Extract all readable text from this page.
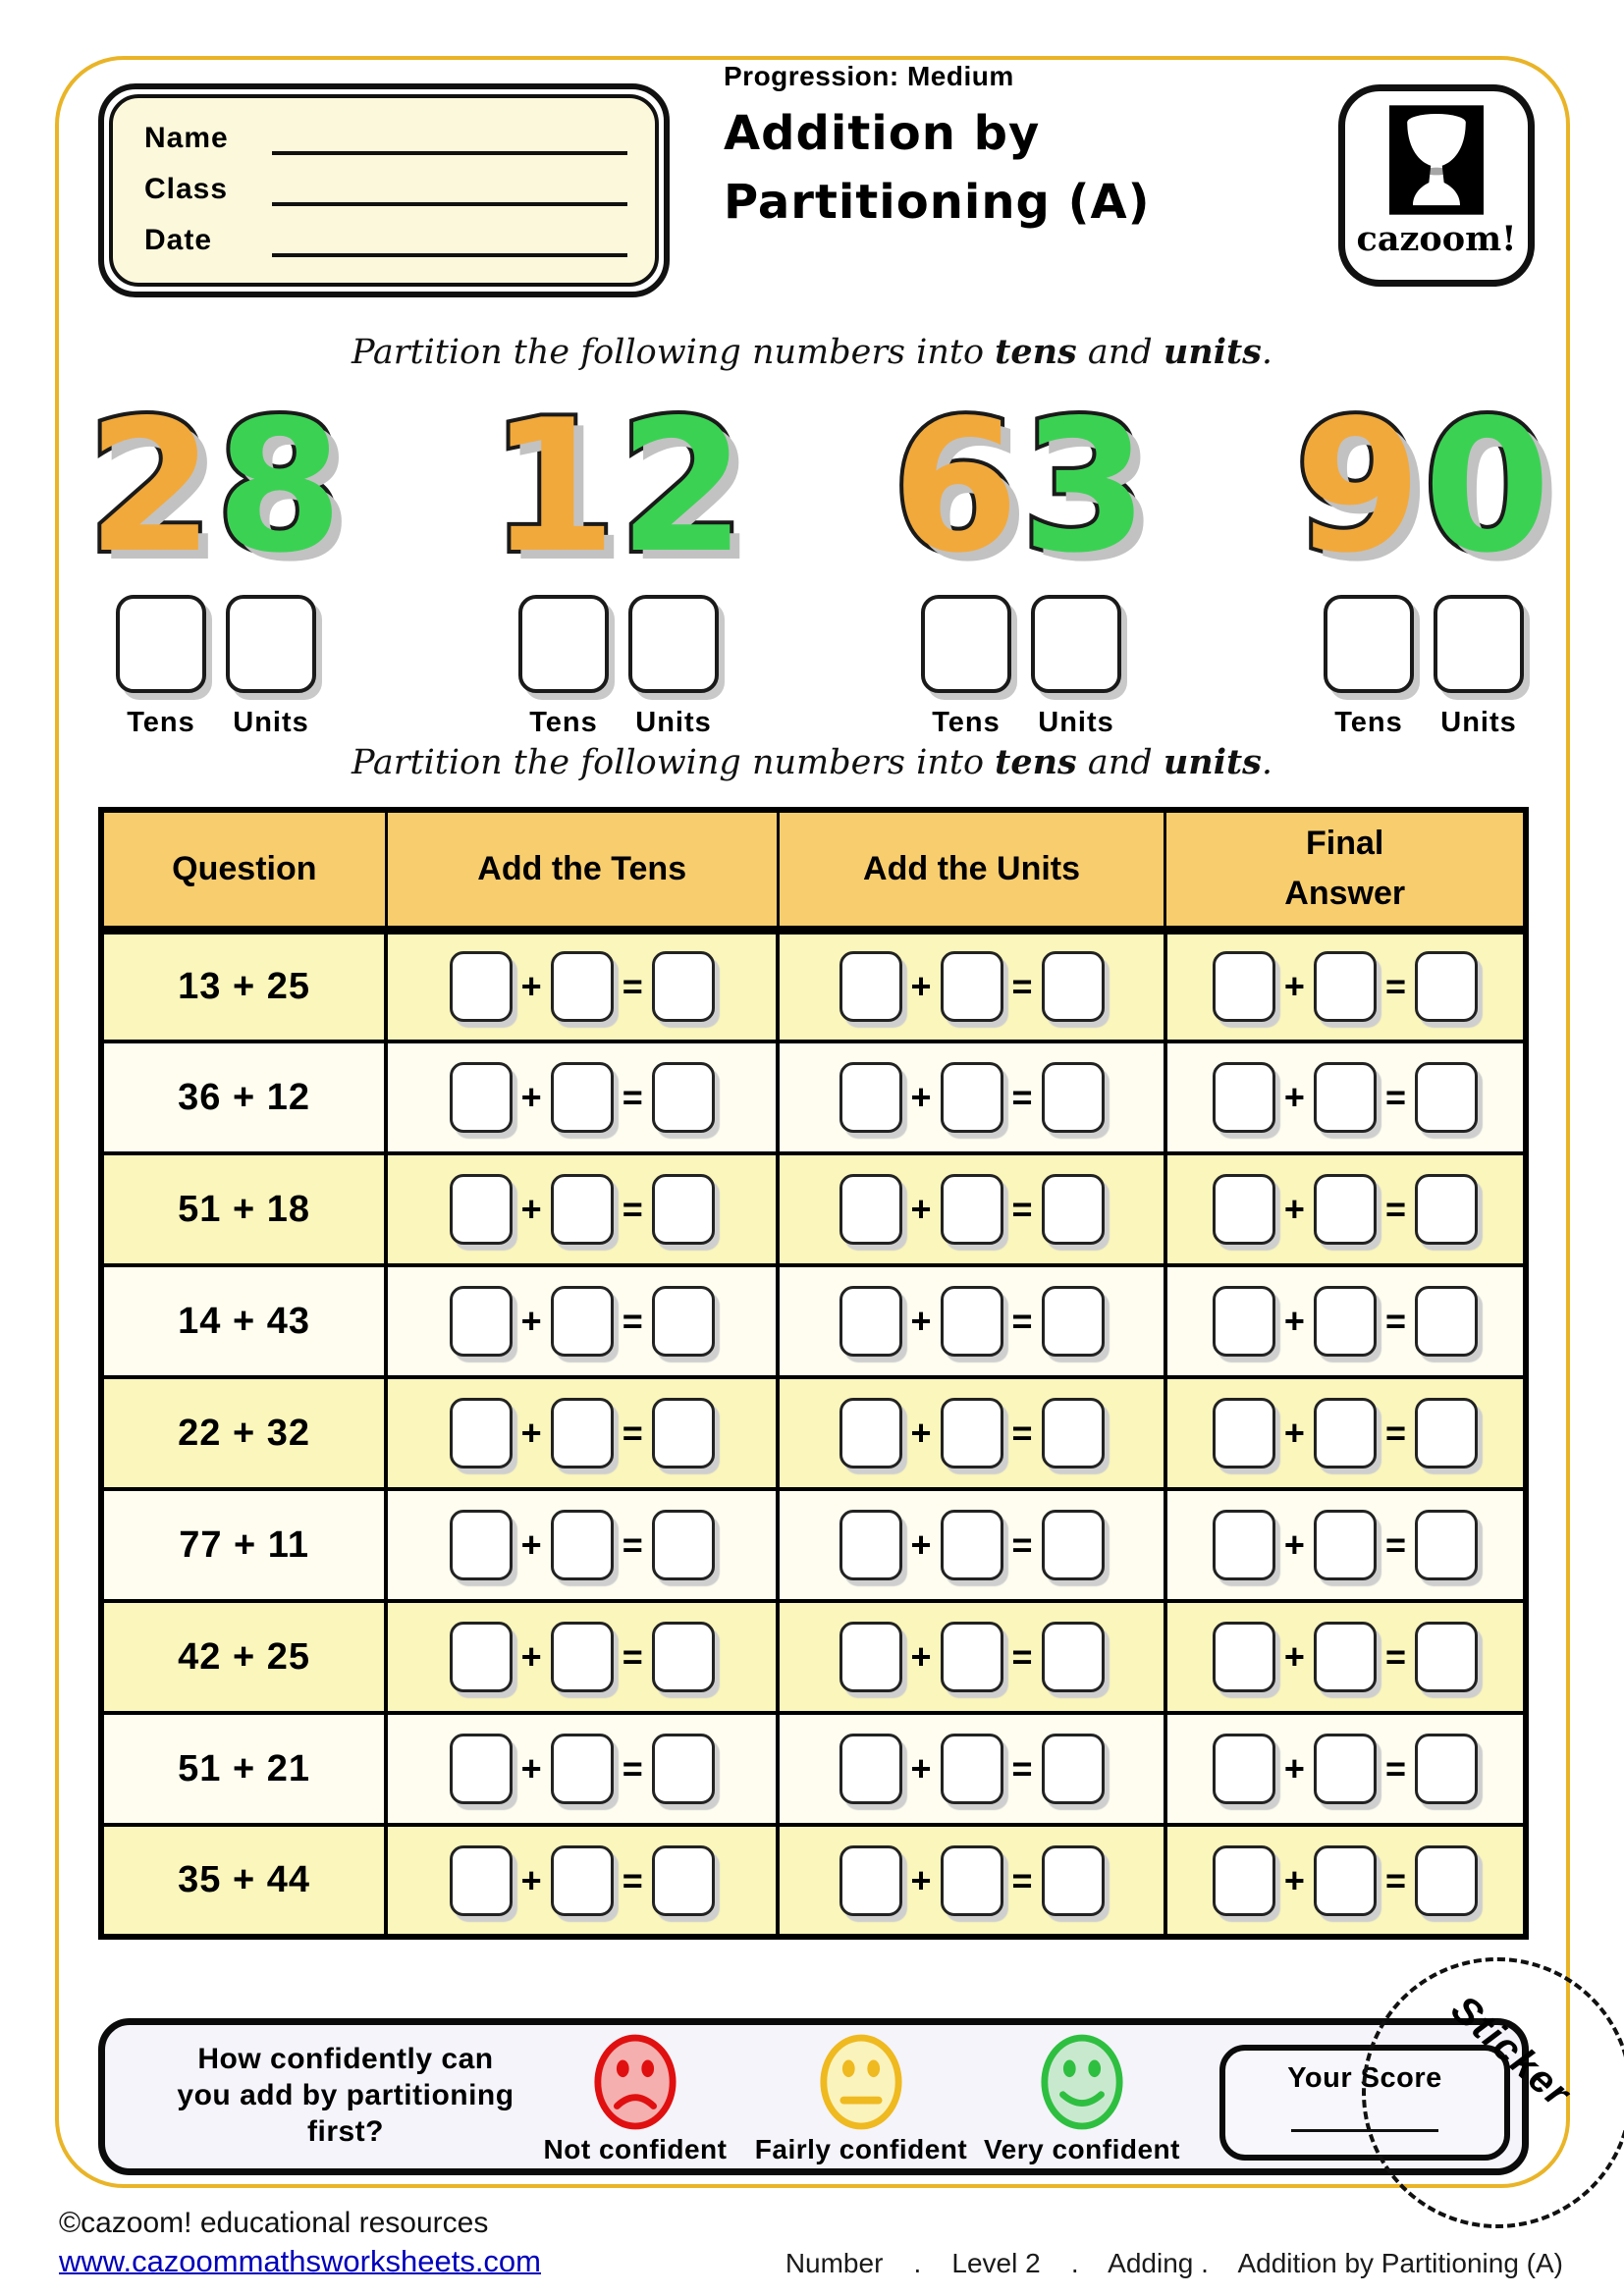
Name
Class
Date
Progression: Medium
Addition by
Partitioning (A)
cazoom!
Partition the following numbers into tens and units.
2 8
Tens	Units
1 2
Tens	Units
6 3
Tens	Units
9 0
Tens	Units
Partition the following numbers into tens and units.
Question	Add the Tens	Add the Units	Final Answer
13 + 25	+ =	+ =	+ =

36 + 12	+ =	+ =	+ =

51 + 18	+ =	+ =	+ =

14 + 43	+ =	+ =	+ =

22 + 32	+ =	+ =	+ =

77 + 11	+ =	+ =	+ =

42 + 25	+ =	+ =	+ =

51 + 21	+ =	+ =	+ =

35 + 44	+ =	+ =	+ =
How confidently can
you add by partitioning
first?
Not confident	Fairly confident Very confident
Your Score Sticker
©cazoom! educational resources
www.cazoommathsworksheets.com	Number    .    Level 2    .    Adding .    Addition by Partitioning (A)
